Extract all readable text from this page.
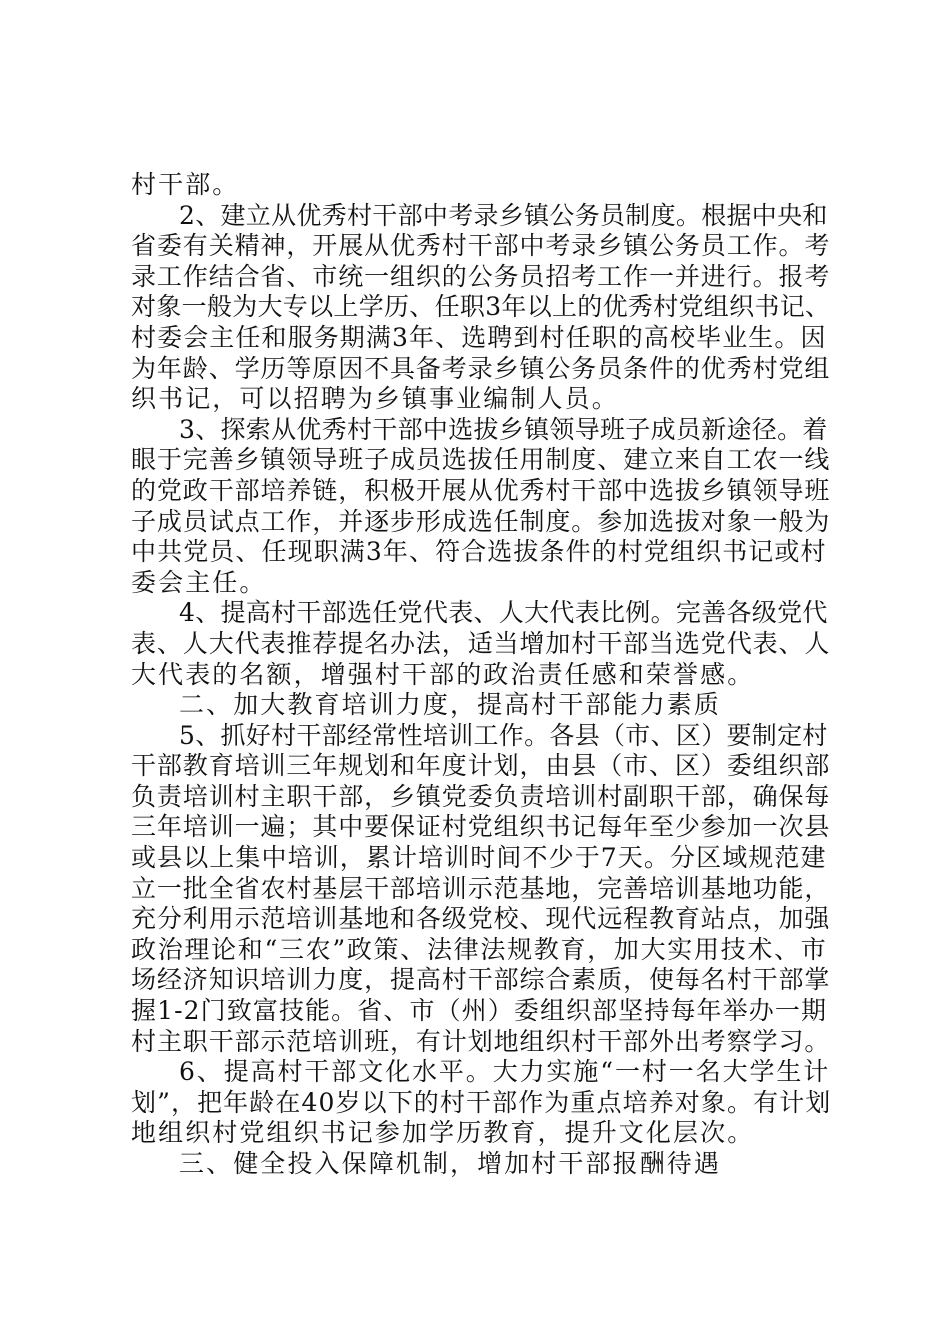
村干部。
2、建立从优秀村干部中考录乡镇公务员制度。根据中央和
省委有关精神，开展从优秀村干部中考录乡镇公务员工作。考
录工作结合省、市统一组织的公务员招考工作一并进行。报考
对象一般为大专以上学历、任职3年以上的优秀村党组织书记、
村委会主任和服务期满3年、选聘到村任职的高校毕业生。因
为年龄、学历等原因不具备考录乡镇公务员条件的优秀村党组
织书记，可以招聘为乡镇事业编制人员。
3、探索从优秀村干部中选拔乡镇领导班子成员新途径。着
眼于完善乡镇领导班子成员选拔任用制度、建立来自工农一线
的党政干部培养链，积极开展从优秀村干部中选拔乡镇领导班
子成员试点工作，并逐步形成选任制度。参加选拔对象一般为
中共党员、任现职满3年、符合选拔条件的村党组织书记或村
委会主任。
4、提高村干部选任党代表、人大代表比例。完善各级党代
表、人大代表推荐提名办法，适当增加村干部当选党代表、人
大代表的名额，增强村干部的政治责任感和荣誉感。
二、加大教育培训力度，提高村干部能力素质
5、抓好村干部经常性培训工作。各县（市、区）要制定村
干部教育培训三年规划和年度计划，由县（市、区）委组织部
负责培训村主职干部，乡镇党委负责培训村副职干部，确保每
三年培训一遍；其中要保证村党组织书记每年至少参加一次县
或县以上集中培训，累计培训时间不少于7天。分区域规范建
立一批全省农村基层干部培训示范基地，完善培训基地功能，
充分利用示范培训基地和各级党校、现代远程教育站点，加强
政治理论和“三农”政策、法律法规教育，加大实用技术、市
场经济知识培训力度，提高村干部综合素质，使每名村干部掌
握1-2门致富技能。省、市（州）委组织部坚持每年举办一期
村主职干部示范培训班，有计划地组织村干部外出考察学习。
6、提高村干部文化水平。大力实施“一村一名大学生计
划”，把年龄在40岁以下的村干部作为重点培养对象。有计划
地组织村党组织书记参加学历教育，提升文化层次。
三、健全投入保障机制，增加村干部报酬待遇
